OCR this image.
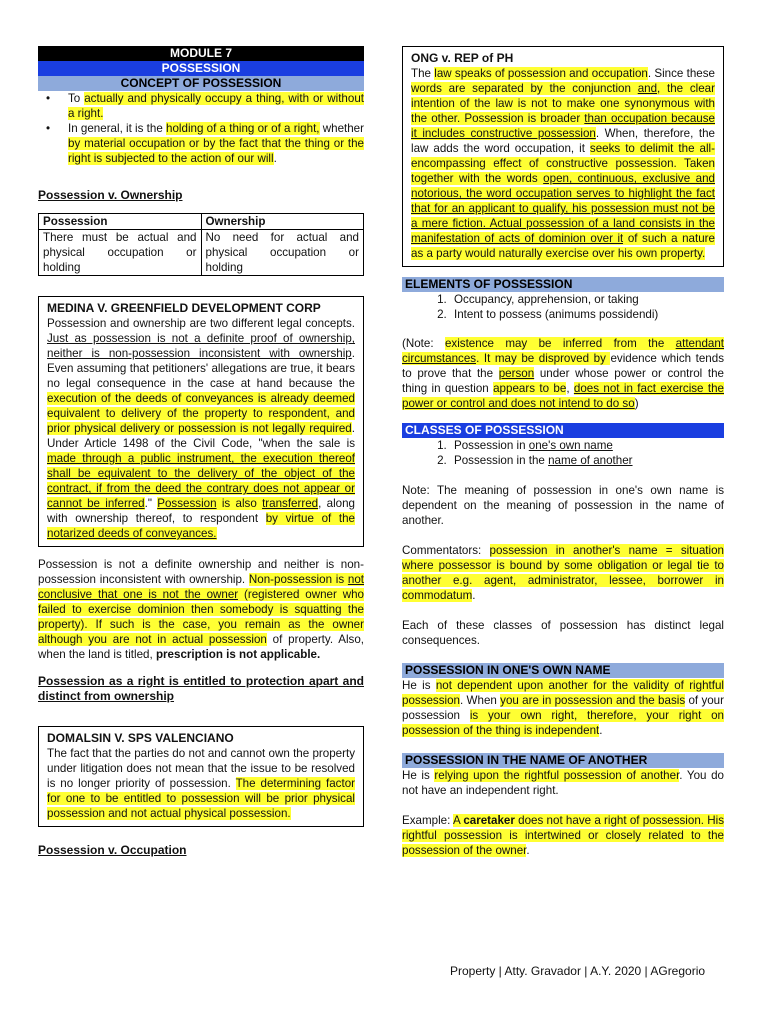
MODULE 7
POSSESSION
CONCEPT OF POSSESSION
• To actually and physically occupy a thing, with or without a right.
• In general, it is the holding of a thing or of a right, whether by material occupation or by the fact that the thing or the right is subjected to the action of our will.
Possession v. Ownership
Possession	Ownership
There must be actual and physical occupation or holding	No need for actual and physical occupation or holding
MEDINA V. GREENFIELD DEVELOPMENT CORP

Possession and ownership are two different legal concepts. Just as possession is not a definite proof of ownership, neither is non-possession inconsistent with ownership. Even assuming that petitioners' allegations are true, it bears no legal consequence in the case at hand because the execution of the deeds of conveyances is already deemed equivalent to delivery of the property to respondent, and prior physical delivery or possession is not legally required. Under Article 1498 of the Civil Code, "when the sale is made through a public instrument, the execution thereof shall be equivalent to the delivery of the object of the contract, if from the deed the contrary does not appear or cannot be inferred." Possession is also transferred, along with ownership thereof, to respondent by virtue of the notarized deeds of conveyances.

Possession is not a definite ownership and neither is non-possession inconsistent with ownership. Non-possession is not conclusive that one is not the owner (registered owner who failed to exercise dominion then somebody is squatting the property). If such is the case, you remain as the owner although you are not in actual possession of property. Also, when the land is titled, prescription is not applicable.

Possession as a right is entitled to protection apart and distinct from ownership
DOMALSIN V. SPS VALENCIANO

The fact that the parties do not and cannot own the property under litigation does not mean that the issue to be resolved is no longer priority of possession. The determining factor for one to be entitled to possession will be prior physical possession and not actual physical possession.

Possession v. Occupation
ONG v. REP of PH

The law speaks of possession and occupation. Since these words are separated by the conjunction and, the clear intention of the law is not to make one synonymous with the other. Possession is broader than occupation because it includes constructive possession. When, therefore, the law adds the word occupation, it seeks to delimit the all-encompassing effect of constructive possession. Taken together with the words open, continuous, exclusive and notorious, the word occupation serves to highlight the fact that for an applicant to qualify, his possession must not be a mere fiction. Actual possession of a land consists in the manifestation of acts of dominion over it of such a nature as a party would naturally exercise over his own property.

ELEMENTS OF POSSESSION
1. Occupancy, apprehension, or taking
2. Intent to possess (animums possidendi)

(Note: existence may be inferred from the attendant circumstances. It may be disproved by evidence which tends to prove that the person under whose power or control the thing in question appears to be, does not in fact exercise the power or control and does not intend to do so)

CLASSES OF POSSESSION
1. Possession in one's own name
2. Possession in the name of another

Note: The meaning of possession in one's own name is dependent on the meaning of possession in the name of another.

Commentators: possession in another's name = situation where possessor is bound by some obligation or legal tie to another e.g. agent, administrator, lessee, borrower in commodatum.

Each of these classes of possession has distinct legal consequences.

POSSESSION IN ONE'S OWN NAME

He is not dependent upon another for the validity of rightful possession. When you are in possession and the basis of your possession is your own right, therefore, your right on possession of the thing is independent.

POSSESSION IN THE NAME OF ANOTHER

He is relying upon the rightful possession of another. You do not have an independent right.

Example: A caretaker does not have a right of possession. His rightful possession is intertwined or closely related to the possession of the owner.

Property | Atty. Gravador | A.Y. 2020 | AGregorio
